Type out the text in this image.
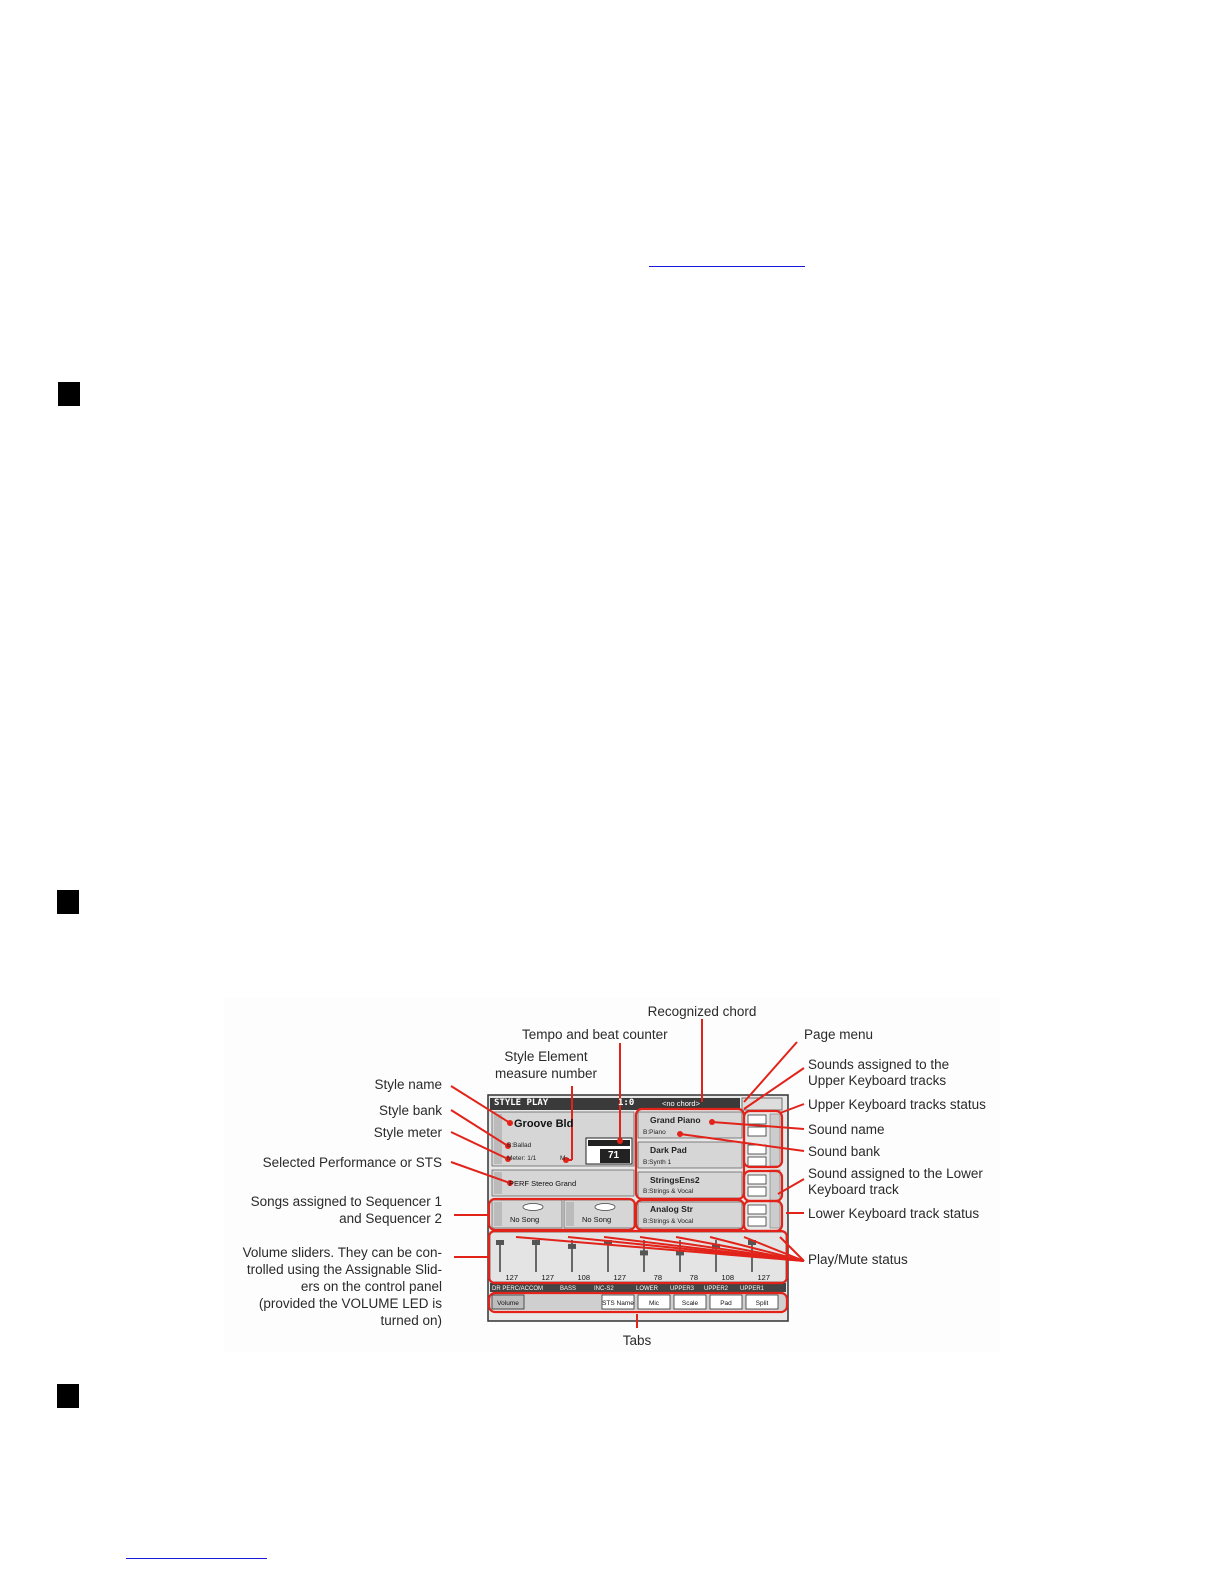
127	127	108	127	78	78	108	127
DR PERC/ACCOM	BASS	INC-S2	LOWER UPPER3 UPPER2 UPPER1
Volume	STS Name Mic	Scale	Pad	Split
STYLE PLAY	1:0	<no chord>
Groove Bld
B:Ballad
Meter: 1/1	M -	71
PERF Stereo Grand
No Song	No Song
Grand Piano
B:Piano
Dark Pad
B:Synth 1
StringsEns2
B:Strings & Vocal
Analog Str
B:Strings & Vocal
Recognized chord
Tempo and beat counter	Page menu
Style Element
measure number
Sounds assigned to the
Upper Keyboard tracks
Style name
Upper Keyboard tracks status
Style bank
Sound name
Style meter
Sound bank
Selected Performance or STS
Sound assigned to the Lower
Keyboard track
Songs assigned to Sequencer 1
and Sequencer 2	Lower Keyboard track status
Volume sliders. They can be con-
trolled using the Assignable Slid-
ers on the control panel
(provided the VOLUME LED is
turned on)
Play/Mute status
Tabs
